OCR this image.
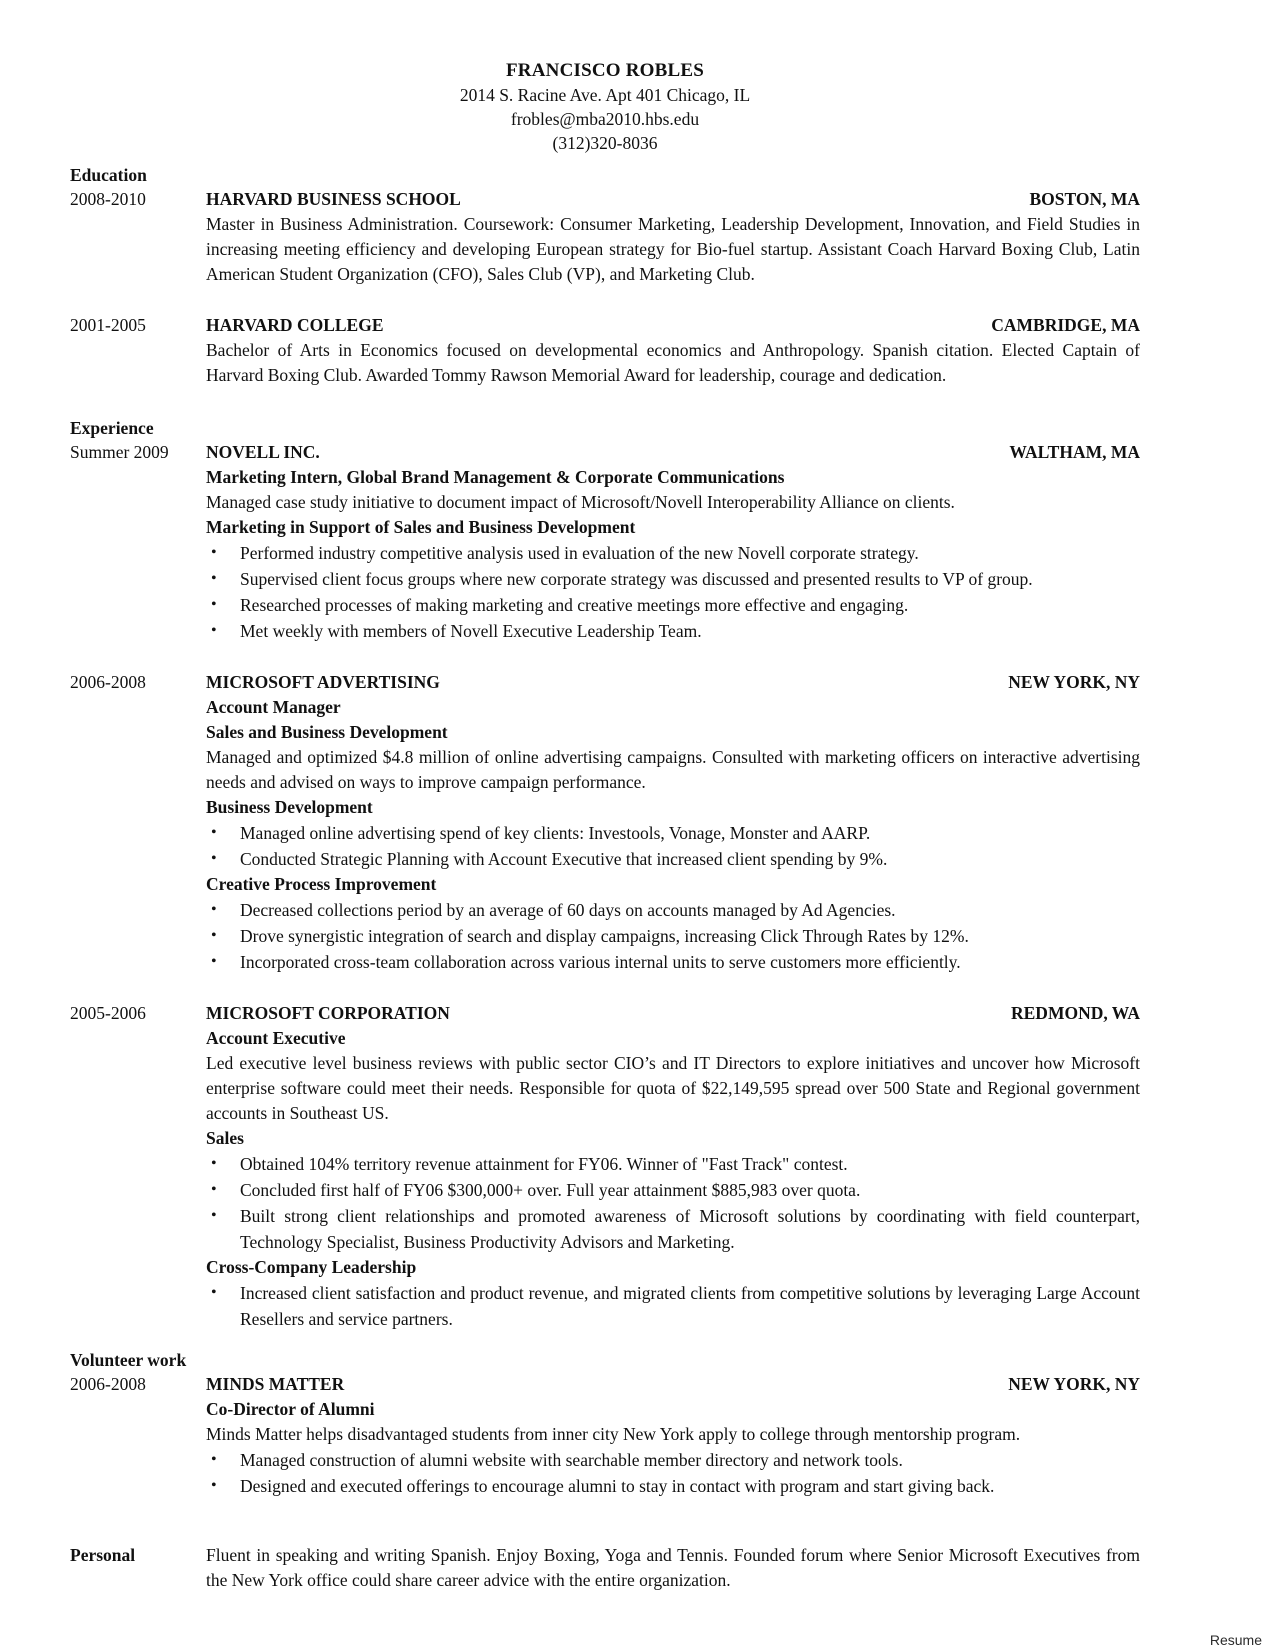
FRANCISCO ROBLES
2014 S. Racine Ave. Apt 401 Chicago, IL
frobles@mba2010.hbs.edu
(312)320-8036
Education
2008-2010	HARVARD BUSINESS SCHOOL	BOSTON, MA

Master in Business Administration. Coursework: Consumer Marketing, Leadership Development, Innovation, and Field Studies in increasing meeting efficiency and developing European strategy for Bio-fuel startup. Assistant Coach Harvard Boxing Club, Latin American Student Organization (CFO), Sales Club (VP), and Marketing Club.

2001-2005	HARVARD COLLEGE	CAMBRIDGE, MA

Bachelor of Arts in Economics focused on developmental economics and Anthropology. Spanish citation. Elected Captain of Harvard Boxing Club. Awarded Tommy Rawson Memorial Award for leadership, courage and dedication.

Experience
Summer 2009	NOVELL INC.	WALTHAM, MA
Marketing Intern, Global Brand Management & Corporate Communications

Managed case study initiative to document impact of Microsoft/Novell Interoperability Alliance on clients.

Marketing in Support of Sales and Business Development
• Performed industry competitive analysis used in evaluation of the new Novell corporate strategy.
• Supervised client focus groups where new corporate strategy was discussed and presented results to VP of group.
• Researched processes of making marketing and creative meetings more effective and engaging.
• Met weekly with members of Novell Executive Leadership Team.
2006-2008	MICROSOFT ADVERTISING	NEW YORK, NY
Account Manager
Sales and Business Development

Managed and optimized $4.8 million of online advertising campaigns. Consulted with marketing officers on interactive advertising needs and advised on ways to improve campaign performance.

Business Development
• Managed online advertising spend of key clients: Investools, Vonage, Monster and AARP.
• Conducted Strategic Planning with Account Executive that increased client spending by 9%.
Creative Process Improvement
• Decreased collections period by an average of 60 days on accounts managed by Ad Agencies.
• Drove synergistic integration of search and display campaigns, increasing Click Through Rates by 12%.
• Incorporated cross-team collaboration across various internal units to serve customers more efficiently.
2005-2006	MICROSOFT CORPORATION	REDMOND, WA
Account Executive

Led executive level business reviews with public sector CIO’s and IT Directors to explore initiatives and uncover how Microsoft enterprise software could meet their needs. Responsible for quota of $22,149,595 spread over 500 State and Regional government accounts in Southeast US.

Sales
• Obtained 104% territory revenue attainment for FY06. Winner of "Fast Track" contest.
• Concluded first half of FY06 $300,000+ over. Full year attainment $885,983 over quota.
• Built strong client relationships and promoted awareness of Microsoft solutions by coordinating with field counterpart, Technology Specialist, Business Productivity Advisors and Marketing.
Cross-Company Leadership
• Increased client satisfaction and product revenue, and migrated clients from competitive solutions by leveraging Large Account Resellers and service partners.
Volunteer work
2006-2008	MINDS MATTER	NEW YORK, NY
Co-Director of Alumni

Minds Matter helps disadvantaged students from inner city New York apply to college through mentorship program.

• Managed construction of alumni website with searchable member directory and network tools.
• Designed and executed offerings to encourage alumni to stay in contact with program and start giving back.
Personal	Fluent in speaking and writing Spanish. Enjoy Boxing, Yoga and Tennis. Founded forum where Senior Microsoft Executives from the New York office could share career advice with the entire organization.

Resume
